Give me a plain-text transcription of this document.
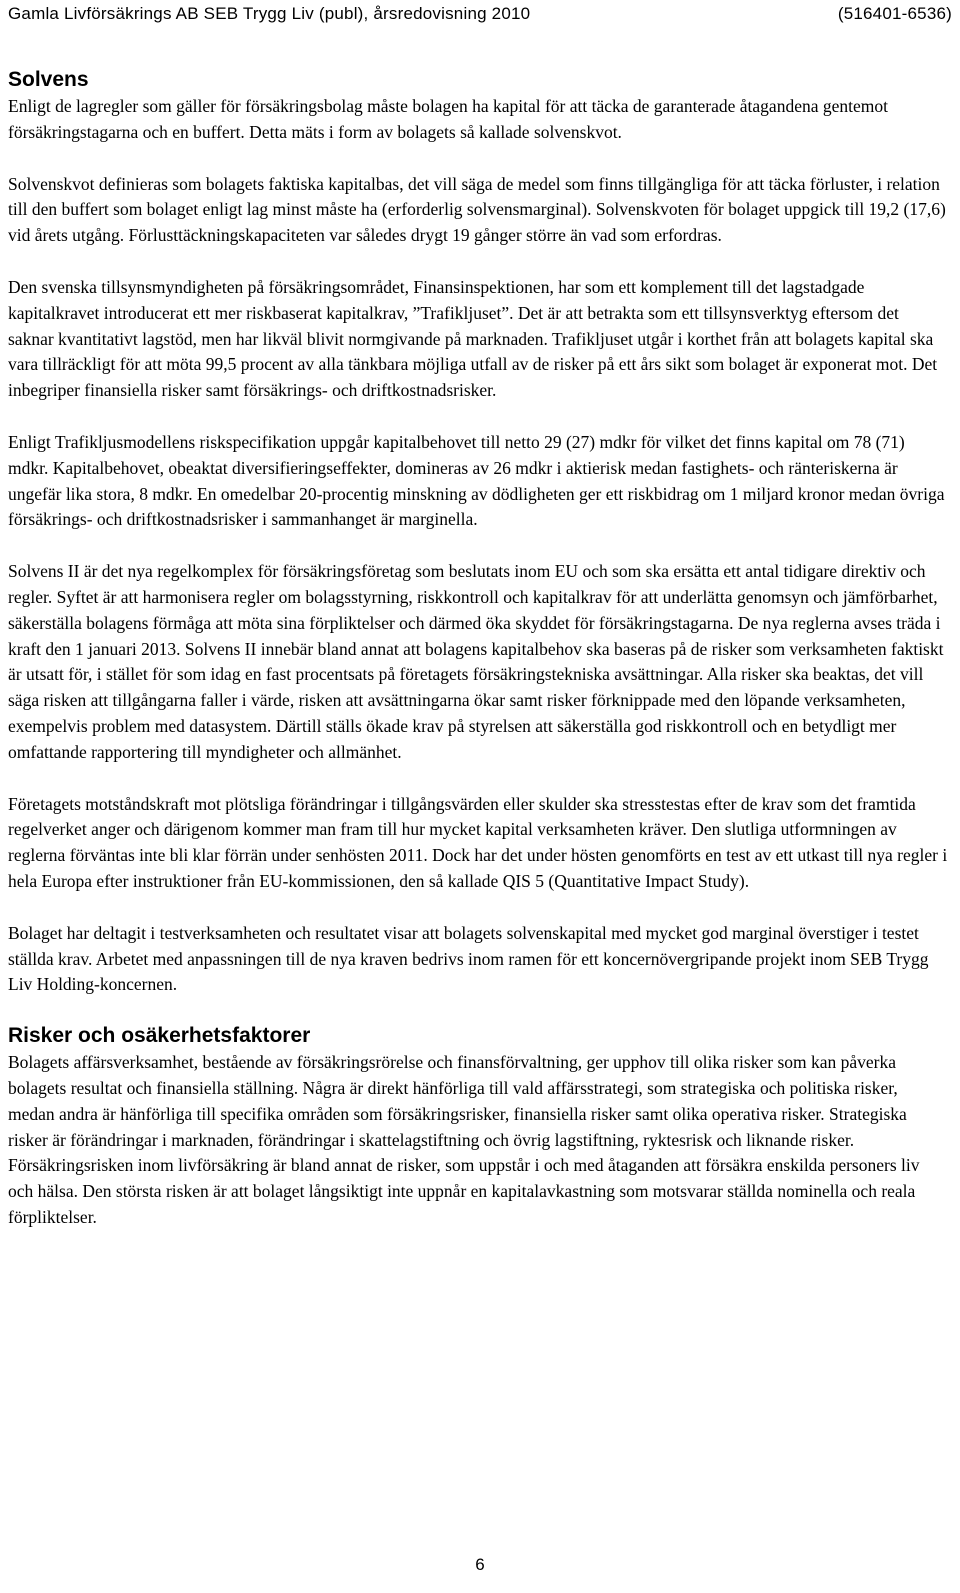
Gamla Livförsäkrings AB SEB Trygg Liv (publ), årsredovisning 2010	(516401-6536)
Solvens

Enligt de lagregler som gäller för försäkringsbolag måste bolagen ha kapital för att täcka de garanterade åtagandena gentemot försäkringstagarna och en buffert. Detta mäts i form av bolagets så kallade solvenskvot.

Solvenskvot definieras som bolagets faktiska kapitalbas, det vill säga de medel som finns tillgängliga för att täcka förluster, i relation till den buffert som bolaget enligt lag minst måste ha (erforderlig solvensmarginal). Solvenskvoten för bolaget uppgick till 19,2 (17,6) vid årets utgång. Förlusttäckningskapaciteten var således drygt 19 gånger större än vad som erfordras.

Den svenska tillsynsmyndigheten på försäkringsområdet, Finansinspektionen, har som ett komplement till det lagstadgade kapitalkravet introducerat ett mer riskbaserat kapitalkrav, ”Trafikljuset”. Det är att betrakta som ett tillsynsverktyg eftersom det saknar kvantitativt lagstöd, men har likväl blivit normgivande på marknaden. Trafikljuset utgår i korthet från att bolagets kapital ska vara tillräckligt för att möta 99,5 procent av alla tänkbara möjliga utfall av de risker på ett års sikt som bolaget är exponerat mot. Det inbegriper finansiella risker samt försäkrings- och driftkostnadsrisker.

Enligt Trafikljusmodellens riskspecifikation uppgår kapitalbehovet till netto 29 (27) mdkr för vilket det finns kapital om 78 (71) mdkr. Kapitalbehovet, obeaktat diversifieringseffekter, domineras av 26 mdkr i aktierisk medan fastighets- och ränteriskerna är ungefär lika stora, 8 mdkr. En omedelbar 20-procentig minskning av dödligheten ger ett riskbidrag om 1 miljard kronor medan övriga försäkrings- och driftkostnadsrisker i sammanhanget är marginella.

Solvens II är det nya regelkomplex för försäkringsföretag som beslutats inom EU och som ska ersätta ett antal tidigare direktiv och regler. Syftet är att harmonisera regler om bolagsstyrning, riskkontroll och kapitalkrav för att underlätta genomsyn och jämförbarhet, säkerställa bolagens förmåga att möta sina förpliktelser och därmed öka skyddet för försäkringstagarna. De nya reglerna avses träda i kraft den 1 januari 2013. Solvens II innebär bland annat att bolagens kapitalbehov ska baseras på de risker som verksamheten faktiskt är utsatt för, i stället för som idag en fast procentsats på företagets försäkringstekniska avsättningar. Alla risker ska beaktas, det vill säga risken att tillgångarna faller i värde, risken att avsättningarna ökar samt risker förknippade med den löpande verksamheten, exempelvis problem med datasystem. Därtill ställs ökade krav på styrelsen att säkerställa god riskkontroll och en betydligt mer omfattande rapportering till myndigheter och allmänhet.

Företagets motståndskraft mot plötsliga förändringar i tillgångsvärden eller skulder ska stresstestas efter de krav som det framtida regelverket anger och därigenom kommer man fram till hur mycket kapital verksamheten kräver. Den slutliga utformningen av reglerna förväntas inte bli klar förrän under senhösten 2011. Dock har det under hösten genomförts en test av ett utkast till nya regler i hela Europa efter instruktioner från EU-kommissionen, den så kallade QIS 5 (Quantitative Impact Study).

Bolaget har deltagit i testverksamheten och resultatet visar att bolagets solvenskapital med mycket god marginal överstiger i testet ställda krav. Arbetet med anpassningen till de nya kraven bedrivs inom ramen för ett koncernövergripande projekt inom SEB Trygg Liv Holding-koncernen.

Risker och osäkerhetsfaktorer

Bolagets affärsverksamhet, bestående av försäkringsrörelse och finansförvaltning, ger upphov till olika risker som kan påverka bolagets resultat och finansiella ställning. Några är direkt hänförliga till vald affärsstrategi, som strategiska och politiska risker, medan andra är hänförliga till specifika områden som försäkringsrisker, finansiella risker samt olika operativa risker. Strategiska risker är förändringar i marknaden, förändringar i skattelagstiftning och övrig lagstiftning, ryktesrisk och liknande risker. Försäkringsrisken inom livförsäkring är bland annat de risker, som uppstår i och med åtaganden att försäkra enskilda personers liv och hälsa. Den största risken är att bolaget långsiktigt inte uppnår en kapitalavkastning som motsvarar ställda nominella och reala förpliktelser.

6
